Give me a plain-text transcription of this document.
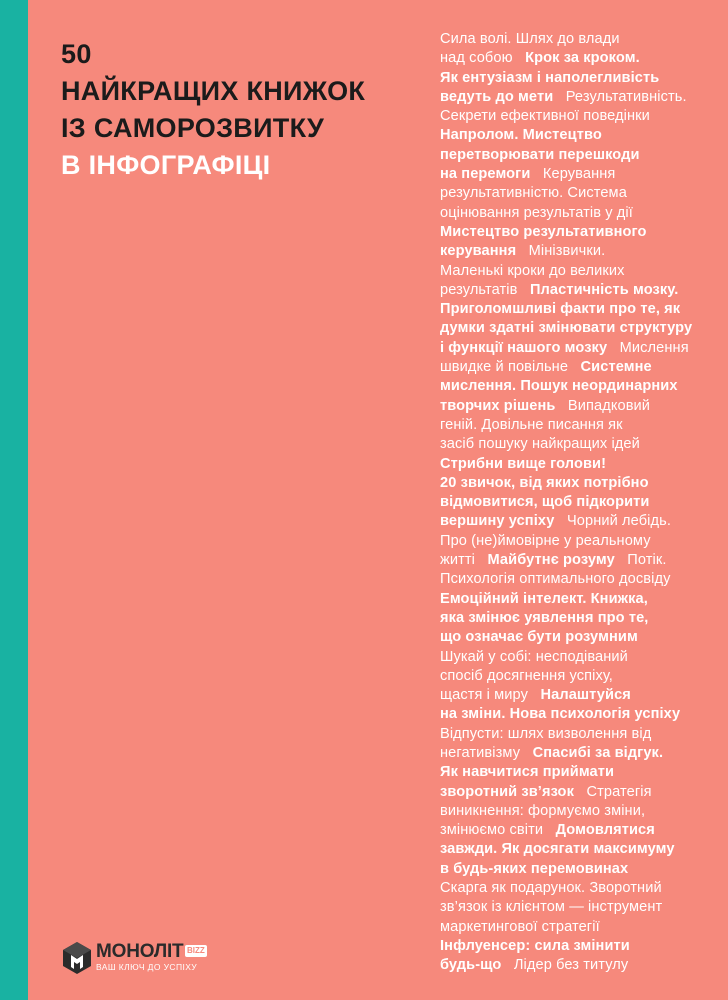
50
НАЙКРАЩИХ КНИЖОК
ІЗ САМОРОЗВИТКУ
В ІНФОГРАФІЦІ
Сила волі. Шлях до влади
над собою   Крок за кроком.
Як ентузіазм і наполегливість
ведуть до мети   Результативність.
Секрети ефективної поведінки
Напролом. Мистецтво
перетворювати перешкоди
на перемоги   Керування
результативністю. Система
оцінювання результатів у дії
Мистецтво результативного
керування   Мінізвички.
Маленькі кроки до великих
результатів   Пластичність мозку.
Приголомшливі факти про те, як
думки здатні змінювати структуру
і функції нашого мозку   Мислення
швидке й повільне   Системне
мислення. Пошук неординарних
творчих рішень   Випадковий
геній. Довільне писання як
засіб пошуку найкращих ідей
Стрибни вище голови!
20 звичок, від яких потрібно
відмовитися, щоб підкорити
вершину успіху   Чорний лебідь.
Про (не)ймовірне у реальному
житті   Майбутнє розуму   Потік.
Психологія оптимального досвіду
Емоційний інтелект. Книжка,
яка змінює уявлення про те,
що означає бути розумним
Шукай у собі: несподіваний
спосіб досягнення успіху,
щастя і миру   Налаштуйся
на зміни. Нова психологія успіху
Відпусти: шлях визволення від
негативізму   Спасибі за відгук.
Як навчитися приймати
зворотний зв’язок   Стратегія
виникнення: формуємо зміни,
змінюємо світи   Домовлятися
завжди. Як досягати максимуму
в будь-яких перемовинах
Скарга як подарунок. Зворотний
зв’язок із клієнтом — інструмент
маркетингової стратегії
Інфлуенсер: сила змінити
будь-що   Лідер без титулу
МОНОЛІТ BIZZ
ВАШ КЛЮЧ ДО УСПІХУ
